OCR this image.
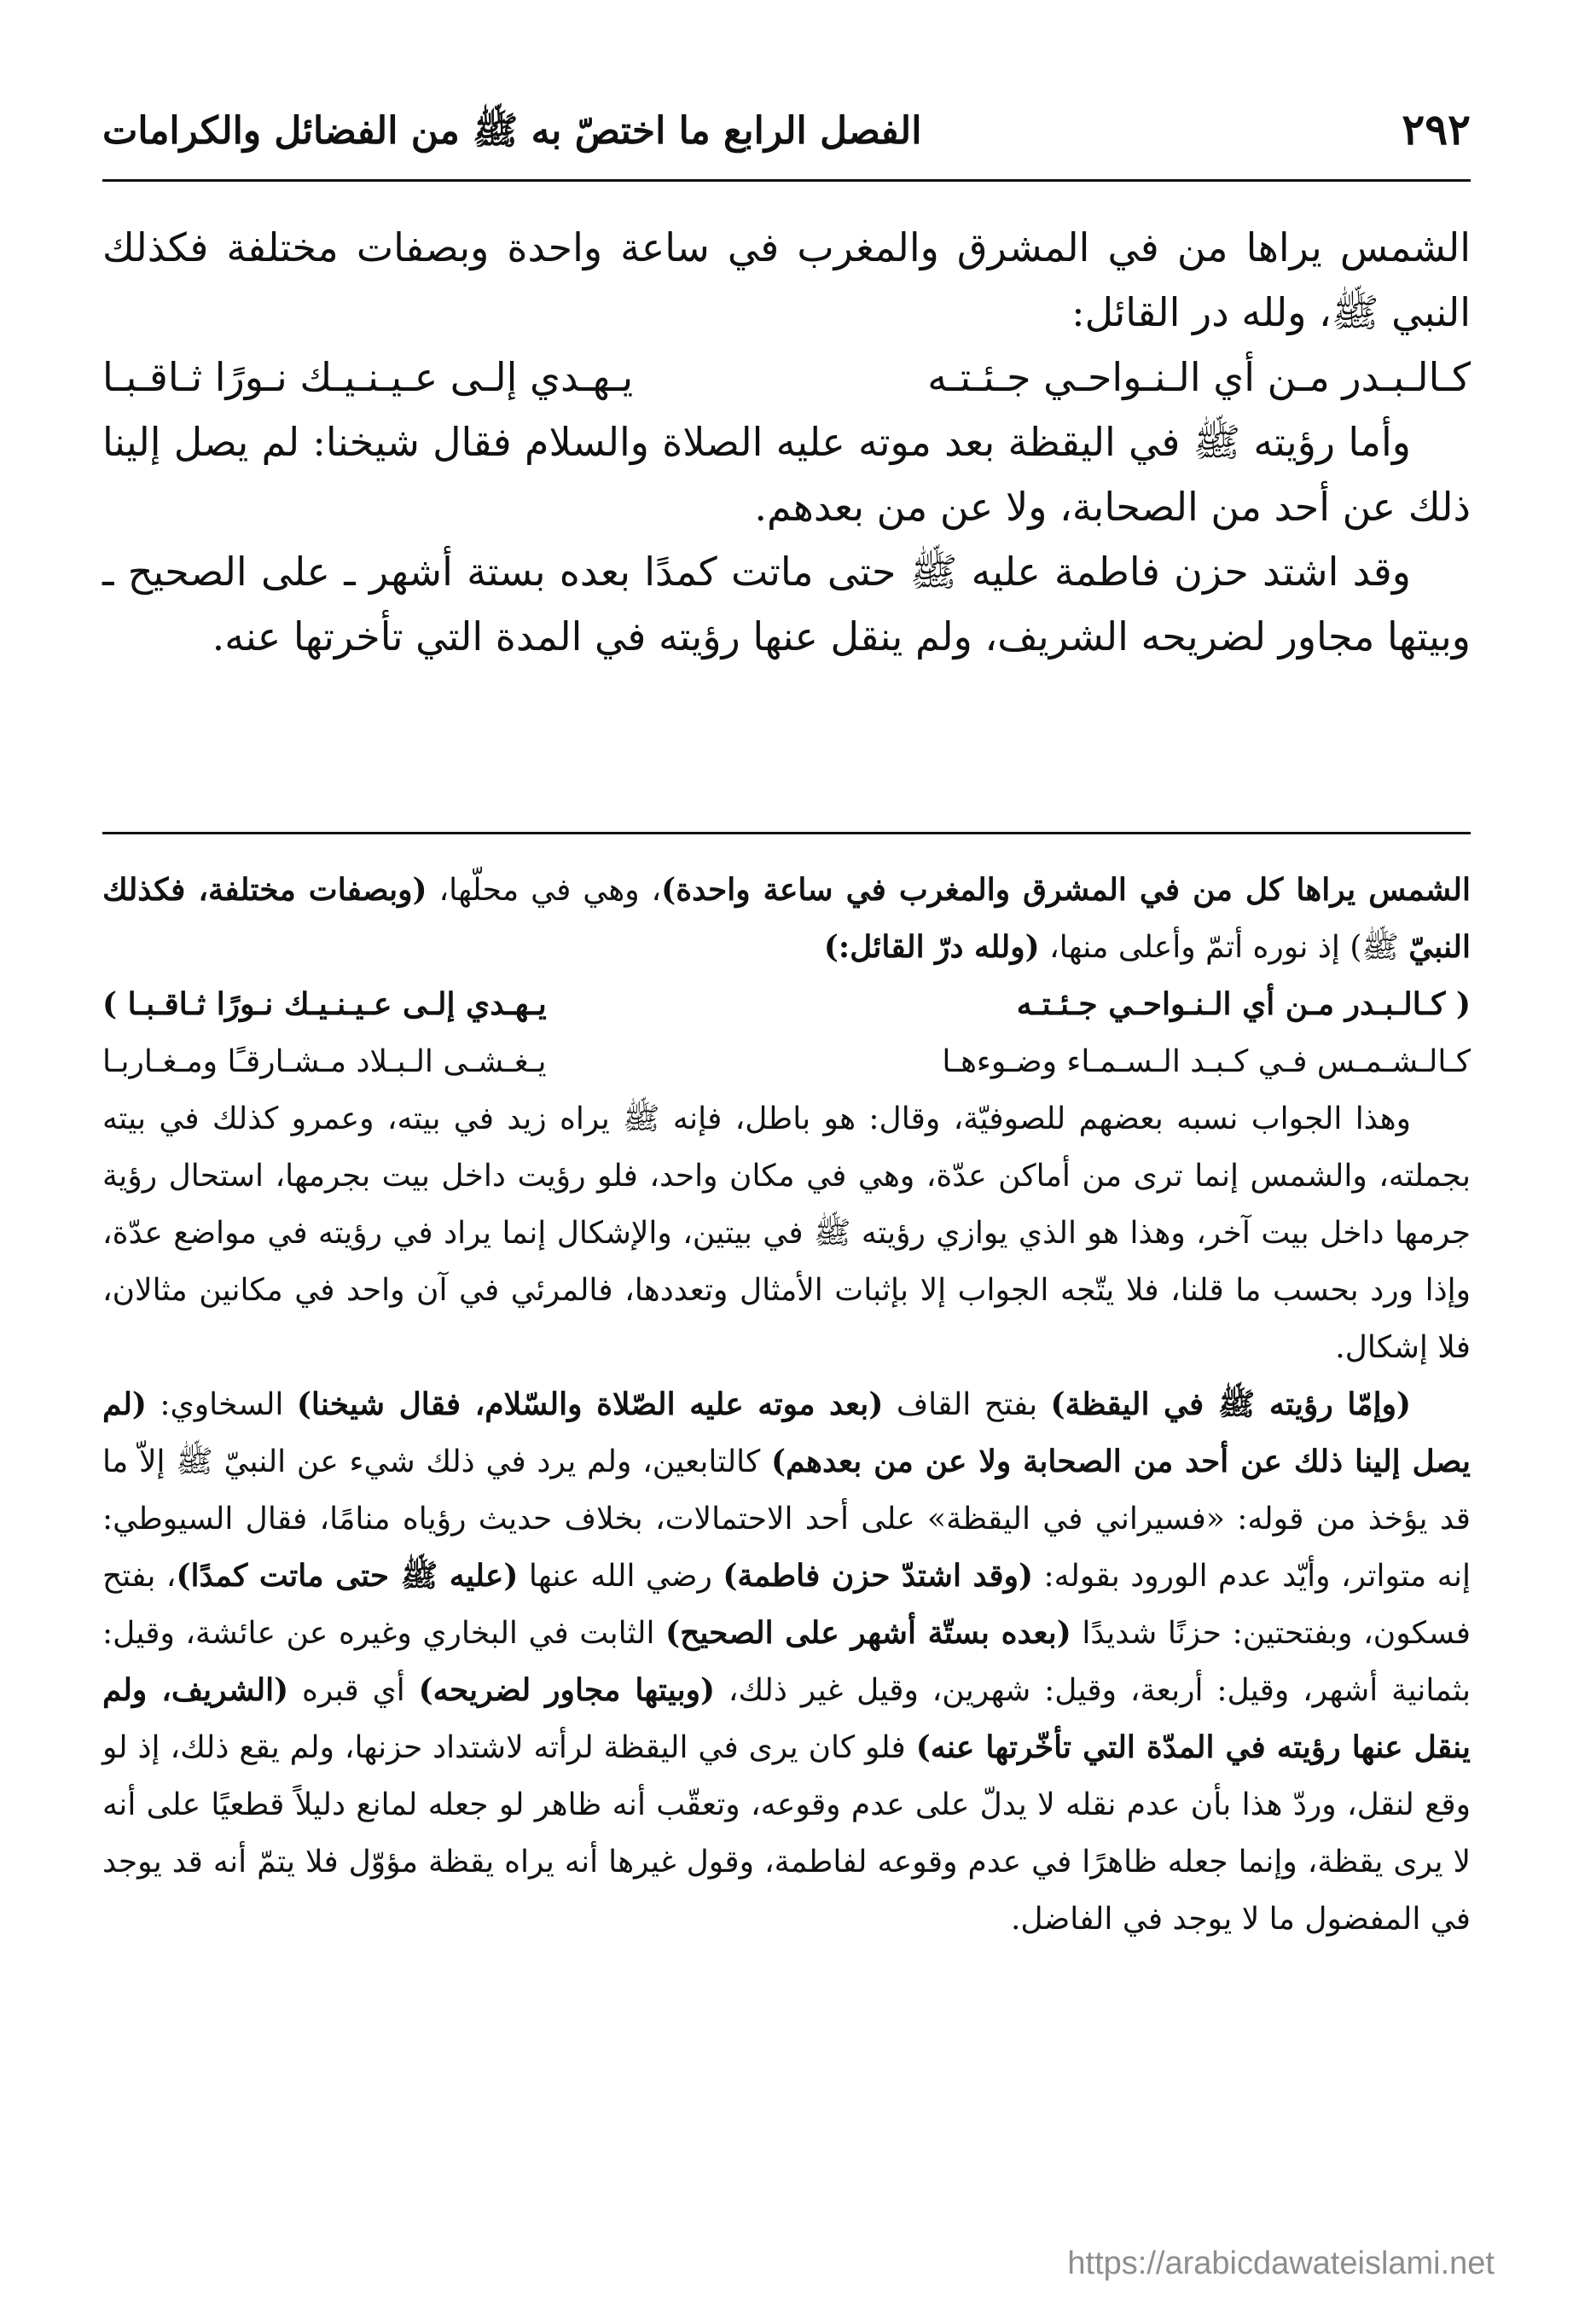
٢٩٢
الفصل الرابع ما اختصّ به ﷺ من الفضائل والكرامات

الشمس يراها من في المشرق والمغرب في ساعة واحدة وبصفات مختلفة فكذلك النبي ﷺ، ولله در القائل:

كـالـبـدر مـن أي الـنـواحـي جـئـتـه
يـهـدي إلـى عـيـنـيـك نـورًا ثـاقـبـا

وأما رؤيته ﷺ في اليقظة بعد موته عليه الصلاة والسلام فقال شيخنا: لم يصل إلينا ذلك عن أحد من الصحابة، ولا عن من بعدهم.

وقد اشتد حزن فاطمة عليه ﷺ حتى ماتت كمدًا بعده بستة أشهر ـ على الصحيح ـ وبيتها مجاور لضريحه الشريف، ولم ينقل عنها رؤيته في المدة التي تأخرتها عنه.

الشمس يراها كل من في المشرق والمغرب في ساعة واحدة)، وهي في محلّها، (وبصفات مختلفة، فكذلك النبيّ ﷺ) إذ نوره أتمّ وأعلى منها، (ولله درّ القائل:)

( كـالـبـدر مـن أي الـنـواحـي جـئـتـه
يـهـدي إلـى عـيـنـيـك نـورًا ثـاقـبـا )
كـالـشـمـس فـي كـبـد الـسـمـاء وضـوءهـا
يـغـشـى الـبـلاد مـشـارقـًا ومـغـاربـا

وهذا الجواب نسبه بعضهم للصوفيّة، وقال: هو باطل، فإنه ﷺ يراه زيد في بيته، وعمرو كذلك في بيته بجملته، والشمس إنما ترى من أماكن عدّة، وهي في مكان واحد، فلو رؤيت داخل بيت بجرمها، استحال رؤية جرمها داخل بيت آخر، وهذا هو الذي يوازي رؤيته ﷺ في بيتين، والإشكال إنما يراد في رؤيته في مواضع عدّة، وإذا ورد بحسب ما قلنا، فلا يتّجه الجواب إلا بإثبات الأمثال وتعددها، فالمرئي في آن واحد في مكانين مثالان، فلا إشكال.

(وإمّا رؤيته ﷺ في اليقظة) بفتح القاف (بعد موته عليه الصّلاة والسّلام، فقال شيخنا) السخاوي: (لم يصل إلينا ذلك عن أحد من الصحابة ولا عن من بعدهم) كالتابعين، ولم يرد في ذلك شيء عن النبيّ ﷺ إلاّ ما قد يؤخذ من قوله: «فسيراني في اليقظة» على أحد الاحتمالات، بخلاف حديث رؤياه منامًا، فقال السيوطي: إنه متواتر، وأيّد عدم الورود بقوله: (وقد اشتدّ حزن فاطمة) رضي الله عنها (عليه ﷺ حتى ماتت كمدًا)، بفتح فسكون، وبفتحتين: حزنًا شديدًا (بعده بستّة أشهر على الصحيح) الثابت في البخاري وغيره عن عائشة، وقيل: بثمانية أشهر، وقيل: أربعة، وقيل: شهرين، وقيل غير ذلك، (وبيتها مجاور لضريحه) أي قبره (الشريف، ولم ينقل عنها رؤيته في المدّة التي تأخّرتها عنه) فلو كان يرى في اليقظة لرأته لاشتداد حزنها، ولم يقع ذلك، إذ لو وقع لنقل، وردّ هذا بأن عدم نقله لا يدلّ على عدم وقوعه، وتعقّب أنه ظاهر لو جعله لمانع دليلاً قطعيًا على أنه لا يرى يقظة، وإنما جعله ظاهرًا في عدم وقوعه لفاطمة، وقول غيرها أنه يراه يقظة مؤوّل فلا يتمّ أنه قد يوجد في المفضول ما لا يوجد في الفاضل.

https://arabicdawateislami.net
